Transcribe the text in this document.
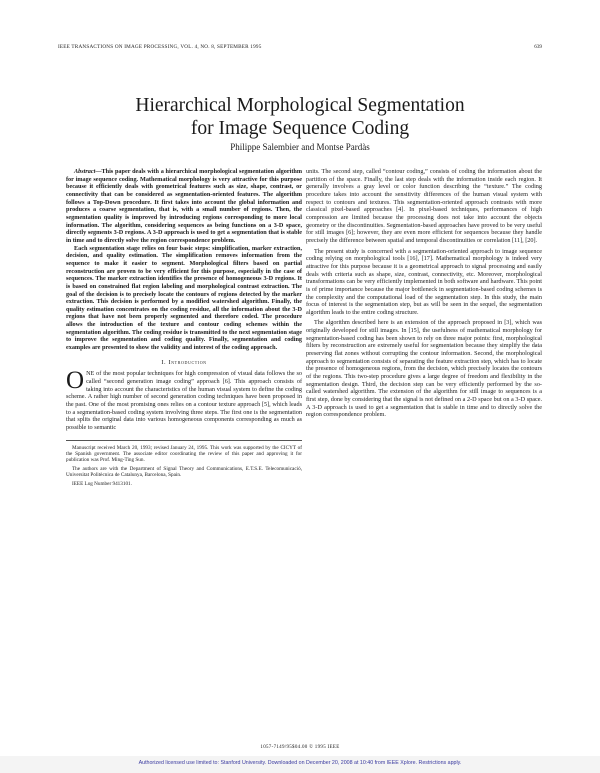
IEEE TRANSACTIONS ON IMAGE PROCESSING, VOL. 4, NO. 8, SEPTEMBER 1995	639
Hierarchical Morphological Segmentation
for Image Sequence Coding
Philippe Salembier and Montse Pardàs

Abstract—This paper deals with a hierarchical morphological segmentation algorithm for image sequence coding. Mathematical morphology is very attractive for this purpose because it efficiently deals with geometrical features such as size, shape, contrast, or connectivity that can be considered as segmentation-oriented features. The algorithm follows a Top-Down procedure. It first takes into account the global information and produces a coarse segmentation, that is, with a small number of regions. Then, the segmentation quality is improved by introducing regions corresponding to more local information. The algorithm, considering sequences as being functions on a 3-D space, directly segments 3-D regions. A 3-D approach is used to get a segmentation that is stable in time and to directly solve the region correspondence problem.

Each segmentation stage relies on four basic steps: simplification, marker extraction, decision, and quality estimation. The simplification removes information from the sequence to make it easier to segment. Morphological filters based on partial reconstruction are proven to be very efficient for this purpose, especially in the case of sequences. The marker extraction identifies the presence of homogeneous 3-D regions. It is based on constrained flat region labeling and morphological contrast extraction. The goal of the decision is to precisely locate the contours of regions detected by the marker extraction. This decision is performed by a modified watershed algorithm. Finally, the quality estimation concentrates on the coding residue, all the information about the 3-D regions that have not been properly segmented and therefore coded. The procedure allows the introduction of the texture and contour coding schemes within the segmentation algorithm. The coding residue is transmitted to the next segmentation stage to improve the segmentation and coding quality. Finally, segmentation and coding examples are presented to show the validity and interest of the coding approach.

I. Introduction

ONE of the most popular techniques for high compression of visual data follows the so called “second generation image coding” approach [6]. This approach consists of taking into account the characteristics of the human visual system to define the coding scheme. A rather high number of second generation coding techniques have been proposed in the past. One of the most promising ones relies on a contour texture approach [5], which leads to a segmentation-based coding system involving three steps. The first one is the segmentation that splits the original data into various homogeneous components corresponding as much as possible to semantic

Manuscript received March 20, 1993; revised January 24, 1995. This work was supported by the CICYT of the Spanish government. The associate editor coordinating the review of this paper and approving it for publication was Prof. Ming-Ting Sun.

The authors are with the Department of Signal Theory and Communications, E.T.S.E. Telecomunicació, Universitat Politècnica de Catalunya, Barcelona, Spain.

IEEE Log Number 9413101.

units. The second step, called “contour coding,” consists of coding the information about the partition of the space. Finally, the last step deals with the information inside each region. It generally involves a gray level or color function describing the “texture.” The coding procedure takes into account the sensitivity differences of the human visual system with respect to contours and textures. This segmentation-oriented approach contrasts with more classical pixel-based approaches [4]. In pixel-based techniques, performances of high compression are limited because the processing does not take into account the objects geometry or the discontinuities. Segmentation-based approaches have proved to be very useful for still images [6]; however, they are even more efficient for sequences because they handle precisely the difference between spatial and temporal discontinuities or correlation [11], [20].

The present study is concerned with a segmentation-oriented approach to image sequence coding relying on morphological tools [16], [17]. Mathematical morphology is indeed very attractive for this purpose because it is a geometrical approach to signal processing and easily deals with criteria such as shape, size, contrast, connectivity, etc. Moreover, morphological transformations can be very efficiently implemented in both software and hardware. This point is of prime importance because the major bottleneck in segmentation-based coding schemes is the complexity and the computational load of the segmentation step. In this study, the main focus of interest is the segmentation step, but as will be seen in the sequel, the segmentation algorithm leads to the entire coding structure.

The algorithm described here is an extension of the approach proposed in [3], which was originally developed for still images. In [15], the usefulness of mathematical morphology for segmentation-based coding has been shown to rely on three major points: first, morphological filters by reconstruction are extremely useful for segmentation because they simplify the data preserving flat zones without corrupting the contour information. Second, the morphological approach to segmentation consists of separating the feature extraction step, which has to locate the presence of homogeneous regions, from the decision, which precisely locates the contours of the regions. This two-step procedure gives a large degree of freedom and flexibility in the segmentation design. Third, the decision step can be very efficiently performed by the so-called watershed algorithm. The extension of the algorithm for still image to sequences is a first step, done by considering that the signal is not defined on a 2-D space but on a 3-D space. A 3-D approach is used to get a segmentation that is stable in time and to directly solve the region correspondence problem.

1057-7149/95$04.00 © 1995 IEEE
Authorized licensed use limited to: Stanford University. Downloaded on December 20, 2008 at 10:40 from IEEE Xplore. Restrictions apply.
